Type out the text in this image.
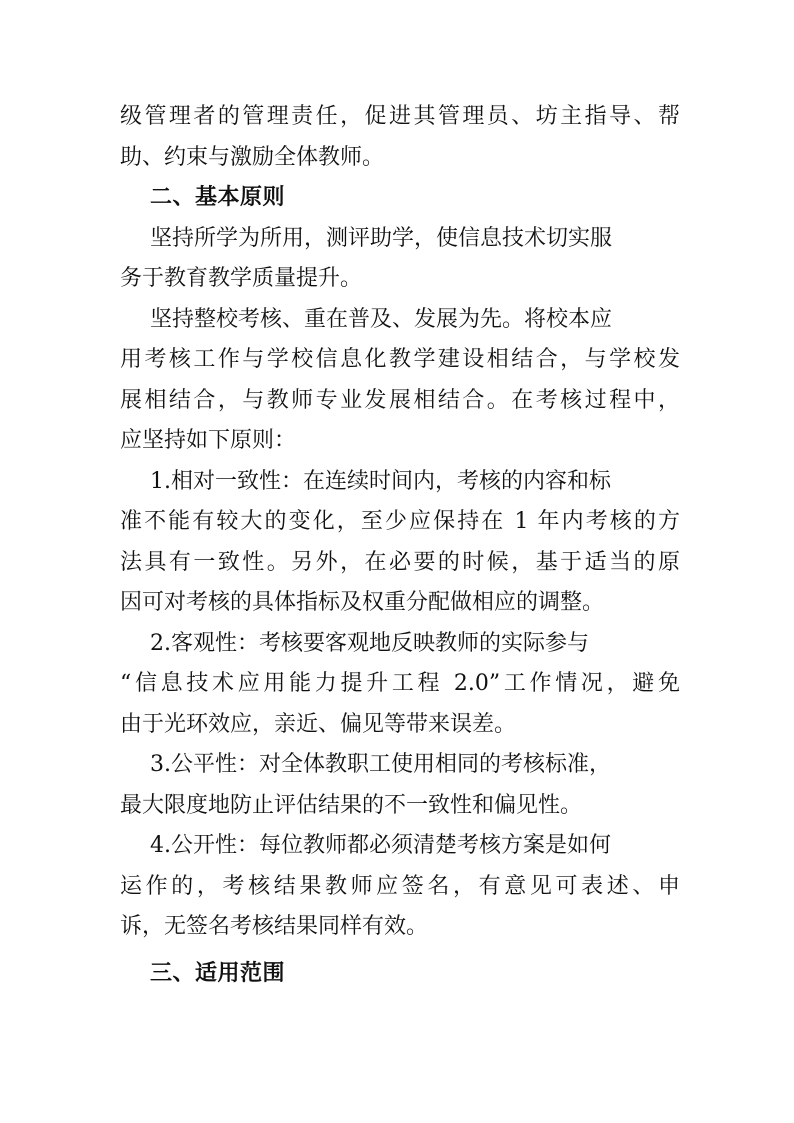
级管理者的管理责任，促进其管理员、坊主指导、帮
助、约束与激励全体教师。
二、基本原则
坚持所学为所用，测评助学，使信息技术切实服
务于教育教学质量提升。
坚持整校考核、重在普及、发展为先。将校本应
用考核工作与学校信息化教学建设相结合，与学校发
展相结合，与教师专业发展相结合。在考核过程中，
应坚持如下原则：
1.相对一致性：在连续时间内，考核的内容和标
准不能有较大的变化，至少应保持在 1 年内考核的方
法具有一致性。另外，在必要的时候，基于适当的原
因可对考核的具体指标及权重分配做相应的调整。
2.客观性：考核要客观地反映教师的实际参与
“信息技术应用能力提升工程 2.0”工作情况，避免
由于光环效应，亲近、偏见等带来误差。
3.公平性：对全体教职工使用相同的考核标准，
最大限度地防止评估结果的不一致性和偏见性。
4.公开性：每位教师都必须清楚考核方案是如何
运作的，考核结果教师应签名，有意见可表述、申
诉，无签名考核结果同样有效。
三、适用范围
